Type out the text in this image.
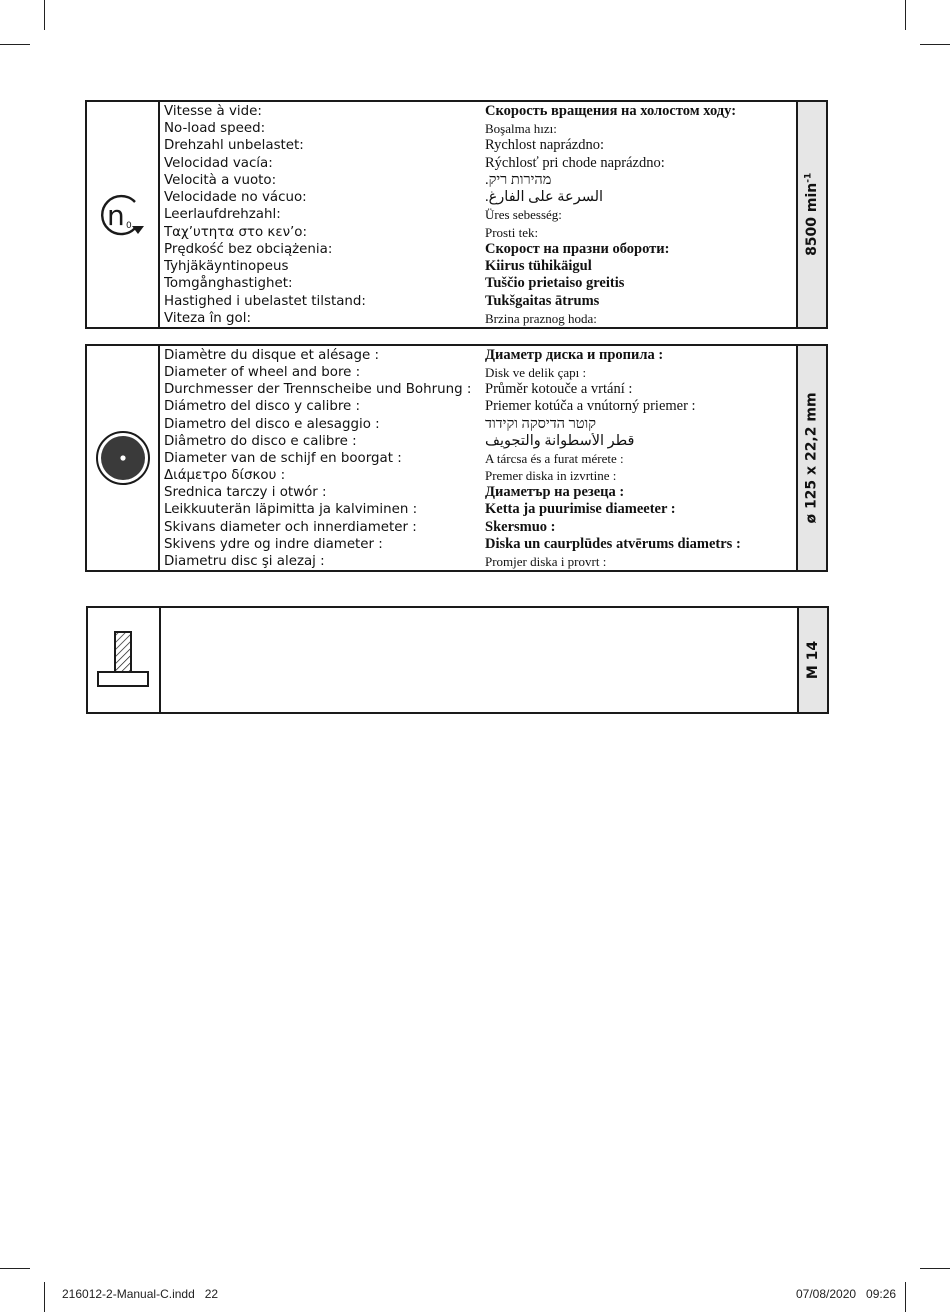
n 0
Vitesse à vide:
No-load speed:
Drehzahl unbelastet:
Velocidad vacía:
Velocità a vuoto:
Velocidade no vácuo:
Leerlaufdrehzahl:
Ταχ’υτητα στο κεν’ο:
Prędkość bez obciążenia:
Tyhjäkäyntinopeus
Tomgånghastighet:
Hastighed i ubelastet tilstand:
Viteza în gol:
Скорость вращения на холостом ходу:
Boşalma hızı:
Rychlost naprázdno:
Rýchlosť pri chode naprázdno:
מהירות ריק.
السرعة على الفارغ.
Üres sebesség:
Prosti tek:
Скорост на празни обороти:
Kiirus tühikäigul
Tuščio prietaiso greitis
Tukšgaitas ātrums
Brzina praznog hoda:
8500 $\min^{-1}$
Diamètre du disque et alésage :
Diameter of wheel and bore :
Durchmesser der Trennscheibe und Bohrung :
Diámetro del disco y calibre :
Diametro del disco e alesaggio :
Diâmetro do disco e calibre :
Diameter van de schijf en boorgat :
Διάμετρο δίσκου :
Srednica tarczy i otwór :
Leikkuuterän läpimitta ja kalviminen :
Skivans diameter och innerdiameter :
Skivens ydre og indre diameter :
Diametru disc şi alezaj :
Диаметр диска и пропила :
Disk ve delik çapı :
Průměr kotouče a vrtání :
Priemer kotúča a vnútorný priemer :
קוטר הדיסקה וקידוד
قطر الأسطوانة والتجويف
A tárcsa és a furat mérete :
Premer diska in izvrtine :
Диаметър на резеца :
Ketta ja puurimise diameeter :
Skersmuo :
Diska un caurplūdes atvērums diametrs :
Promjer diska i provrt :
ø 125 x 22,2 mm
M 14
216012-2-Manual-C.indd   22	07/08/2020   09:26
